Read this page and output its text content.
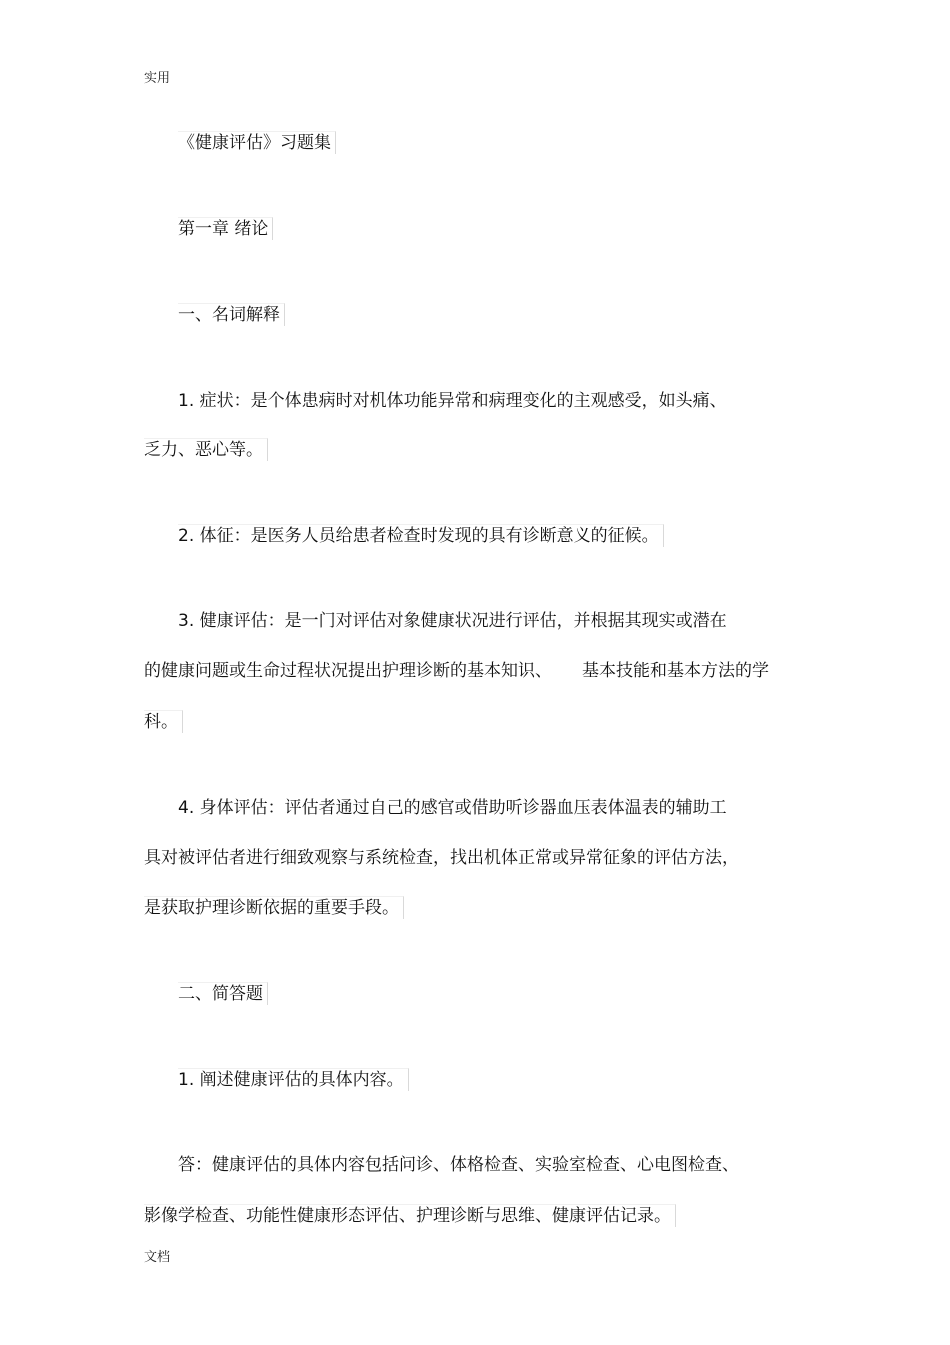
实用
《健康评估》习题集
第一章 绪论
一、名词解释
1. 症状：是个体患病时对机体功能异常和病理变化的主观感受，如头痛、
乏力、恶心等。
2. 体征：是医务人员给患者检查时发现的具有诊断意义的征候。
3. 健康评估：是一门对评估对象健康状况进行评估，并根据其现实或潜在
的健康问题或生命过程状况提出护理诊断的基本知识、 基本技能和基本方法的学
科。
4. 身体评估：评估者通过自己的感官或借助听诊器血压表体温表的辅助工
具对被评估者进行细致观察与系统检查，找出机体正常或异常征象的评估方法，
是获取护理诊断依据的重要手段。
二、简答题
1. 阐述健康评估的具体内容。
答：健康评估的具体内容包括问诊、体格检查、实验室检查、心电图检查、
影像学检查、功能性健康形态评估、护理诊断与思维、健康评估记录。
文档
